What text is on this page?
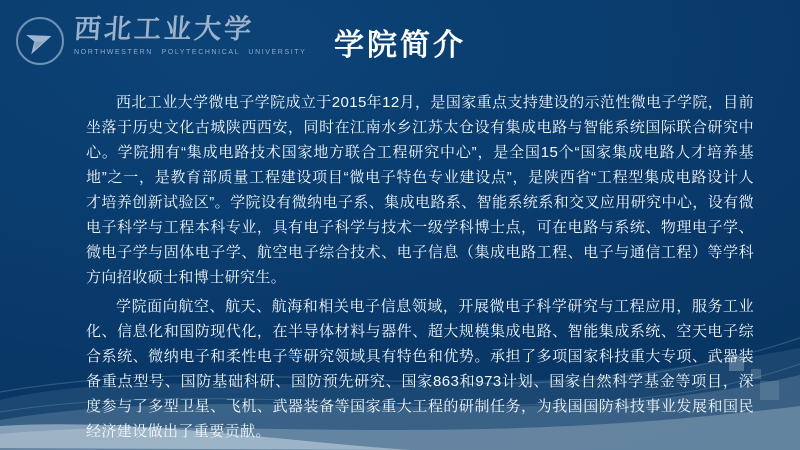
西北工业大学
NORTHWESTERN POLYTECHNICAL UNIVERSITY 学院简介

西北工业大学微电子学院成立于2015年12月，是国家重点支持建设的示范性微电子学院，目前坐落于历史文化古城陕西西安，同时在江南水乡江苏太仓设有集成电路与智能系统国际联合研究中心。学院拥有“集成电路技术国家地方联合工程研究中心”，是全国15个“国家集成电路人才培养基地”之一，是教育部质量工程建设项目“微电子特色专业建设点”，是陕西省“工程型集成电路设计人才培养创新试验区”。学院设有微纳电子系、集成电路系、智能系统系和交叉应用研究中心，设有微电子科学与工程本科专业，具有电子科学与技术一级学科博士点，可在电路与系统、物理电子学、微电子学与固体电子学、航空电子综合技术、电子信息（集成电路工程、电子与通信工程）等学科方向招收硕士和博士研究生。

学院面向航空、航天、航海和相关电子信息领域，开展微电子科学研究与工程应用，服务工业化、信息化和国防现代化，在半导体材料与器件、超大规模集成电路、智能集成系统、空天电子综合系统、微纳电子和柔性电子等研究领域具有特色和优势。承担了多项国家科技重大专项、武器装备重点型号、国防基础科研、国防预先研究、国家863和973计划、国家自然科学基金等项目，深度参与了多型卫星、飞机、武器装备等国家重大工程的研制任务，为我国国防科技事业发展和国民经济建设做出了重要贡献。
